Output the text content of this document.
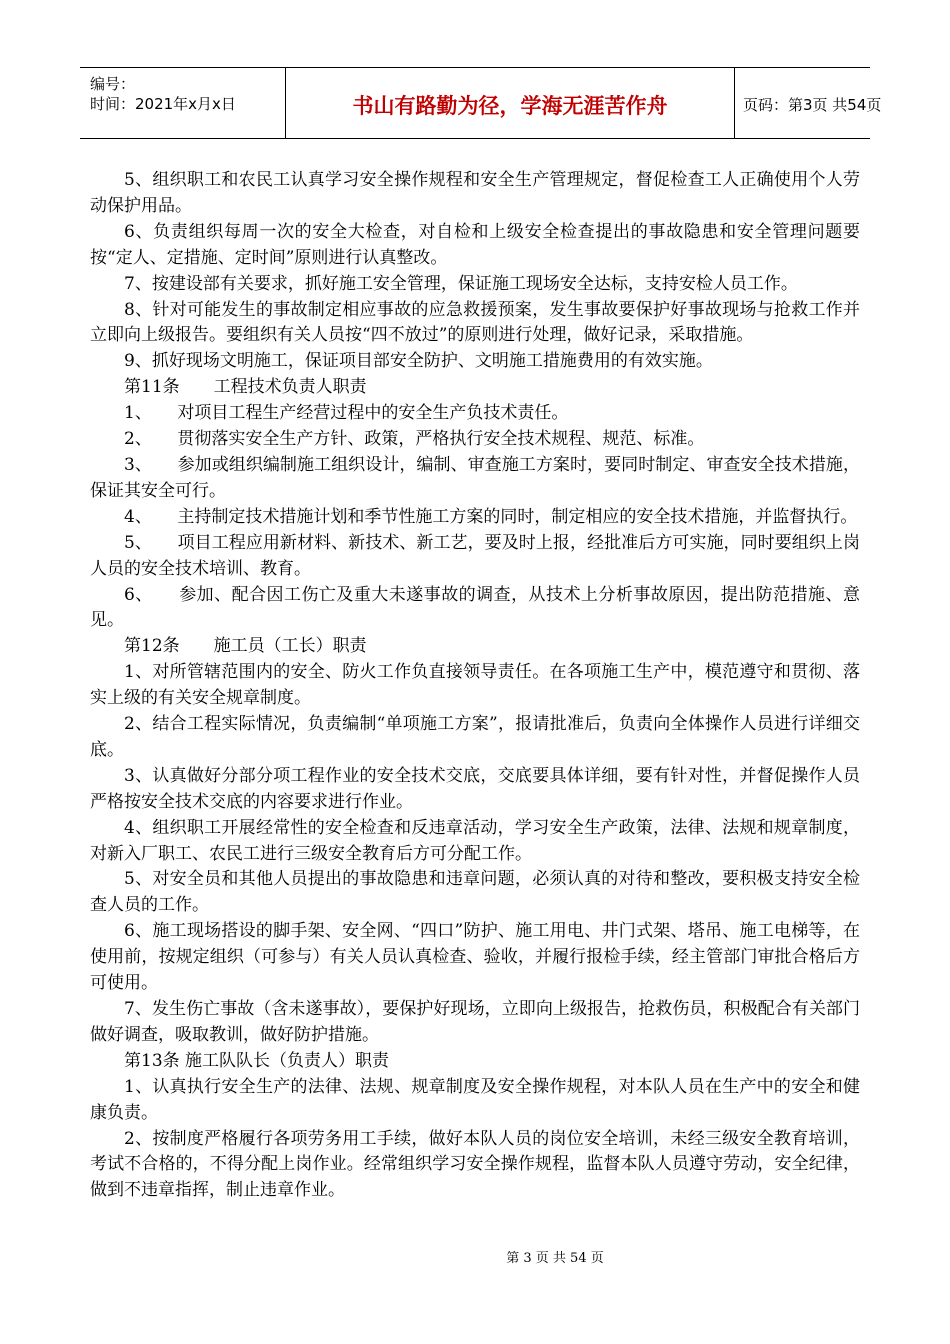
编号：
时间：2021年x月x日	书山有路勤为径，学海无涯苦作舟	页码：第3页 共54页

5、组织职工和农民工认真学习安全操作规程和安全生产管理规定，督促检查工人正确使用个人劳动保护用品。

6、负责组织每周一次的安全大检查，对自检和上级安全检查提出的事故隐患和安全管理问题要按“定人、定措施、定时间”原则进行认真整改。

7、按建设部有关要求，抓好施工安全管理，保证施工现场安全达标，支持安检人员工作。

8、针对可能发生的事故制定相应事故的应急救援预案，发生事故要保护好事故现场与抢救工作并立即向上级报告。要组织有关人员按“四不放过”的原则进行处理，做好记录，采取措施。

9、抓好现场文明施工，保证项目部安全防护、文明施工措施费用的有效实施。

第11条　　工程技术负责人职责

1、　　对项目工程生产经营过程中的安全生产负技术责任。

2、　　贯彻落实安全生产方针、政策，严格执行安全技术规程、规范、标准。

3、　　参加或组织编制施工组织设计，编制、审查施工方案时，要同时制定、审查安全技术措施，保证其安全可行。

4、　　主持制定技术措施计划和季节性施工方案的同时，制定相应的安全技术措施，并监督执行。

5、　　项目工程应用新材料、新技术、新工艺，要及时上报，经批准后方可实施，同时要组织上岗人员的安全技术培训、教育。

6、　　参加、配合因工伤亡及重大未遂事故的调查，从技术上分析事故原因，提出防范措施、意见。

第12条　　施工员（工长）职责

1、对所管辖范围内的安全、防火工作负直接领导责任。在各项施工生产中，模范遵守和贯彻、落实上级的有关安全规章制度。

2、结合工程实际情况，负责编制“单项施工方案”，报请批准后，负责向全体操作人员进行详细交底。

3、认真做好分部分项工程作业的安全技术交底，交底要具体详细，要有针对性，并督促操作人员严格按安全技术交底的内容要求进行作业。

4、组织职工开展经常性的安全检查和反违章活动，学习安全生产政策，法律、法规和规章制度，对新入厂职工、农民工进行三级安全教育后方可分配工作。

5、对安全员和其他人员提出的事故隐患和违章问题，必须认真的对待和整改，要积极支持安全检查人员的工作。

6、施工现场搭设的脚手架、安全网、“四口”防护、施工用电、井门式架、塔吊、施工电梯等，在使用前，按规定组织（可参与）有关人员认真检查、验收，并履行报检手续，经主管部门审批合格后方可使用。

7、发生伤亡事故（含未遂事故），要保护好现场，立即向上级报告，抢救伤员，积极配合有关部门做好调查，吸取教训，做好防护措施。

第13条 施工队队长（负责人）职责

1、认真执行安全生产的法律、法规、规章制度及安全操作规程，对本队人员在生产中的安全和健康负责。

2、按制度严格履行各项劳务用工手续，做好本队人员的岗位安全培训，未经三级安全教育培训，考试不合格的，不得分配上岗作业。经常组织学习安全操作规程，监督本队人员遵守劳动，安全纪律，做到不违章指挥，制止违章作业。

第 3 页 共 54 页
